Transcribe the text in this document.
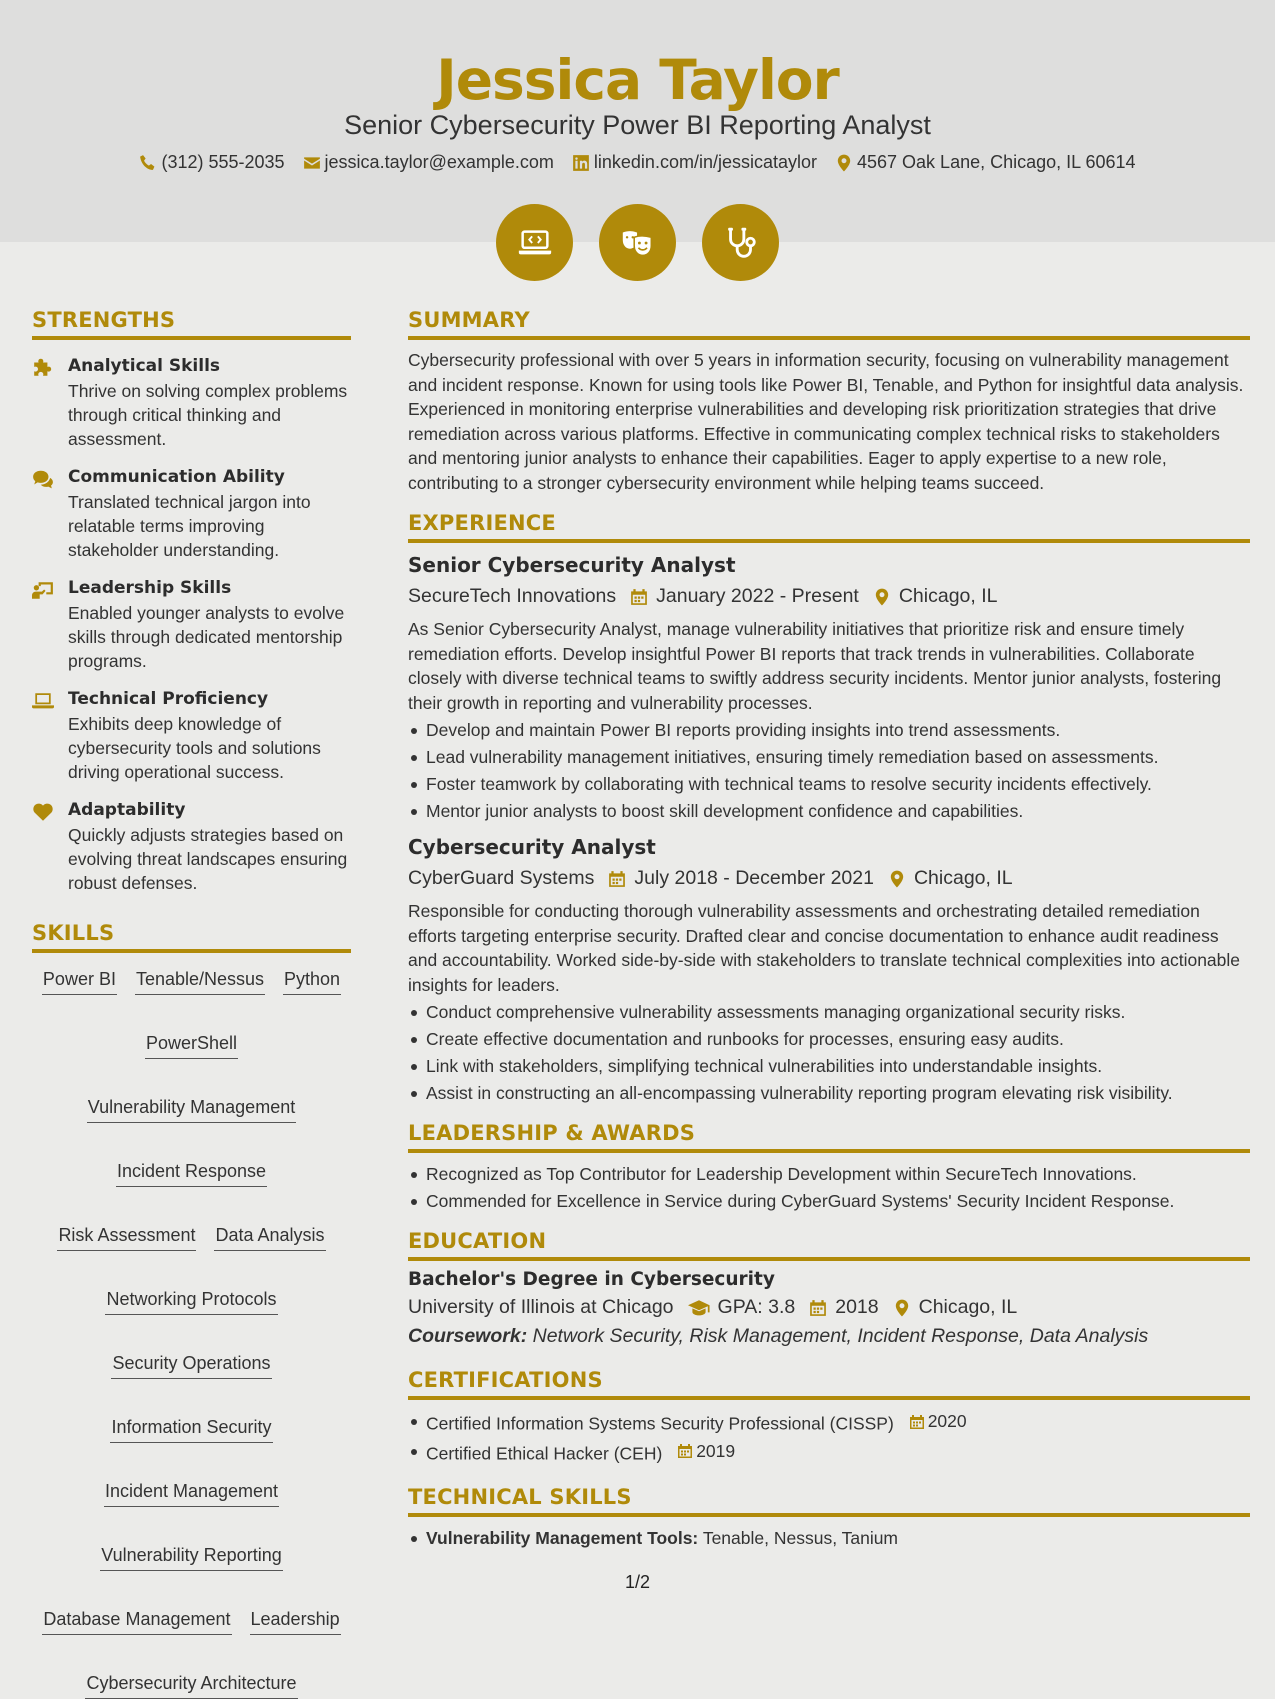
Jessica Taylor
Senior Cybersecurity Power BI Reporting Analyst
(312) 555-2035 jessica.taylor@example.com linkedin.com/in/jessicataylor 4567 Oak Lane, Chicago, IL 60614
STRENGTHS
Analytical Skills
Thrive on solving complex problems through critical thinking and assessment.
Communication Ability
Translated technical jargon into relatable terms improving stakeholder understanding.
Leadership Skills
Enabled younger analysts to evolve skills through dedicated mentorship programs.
Technical Proficiency
Exhibits deep knowledge of cybersecurity tools and solutions driving operational success.
Adaptability
Quickly adjusts strategies based on evolving threat landscapes ensuring robust defenses.
SKILLS
Power BI Tenable/Nessus Python
PowerShell
Vulnerability Management
Incident Response
Risk Assessment Data Analysis
Networking Protocols
Security Operations
Information Security
Incident Management
Vulnerability Reporting
Database Management Leadership
Cybersecurity Architecture
SUMMARY
Cybersecurity professional with over 5 years in information security, focusing on vulnerability management and incident response. Known for using tools like Power BI, Tenable, and Python for insightful data analysis. Experienced in monitoring enterprise vulnerabilities and developing risk prioritization strategies that drive remediation across various platforms. Effective in communicating complex technical risks to stakeholders and mentoring junior analysts to enhance their capabilities. Eager to apply expertise to a new role, contributing to a stronger cybersecurity environment while helping teams succeed.
EXPERIENCE
Senior Cybersecurity Analyst
SecureTech Innovations January 2022 - Present Chicago, IL
As Senior Cybersecurity Analyst, manage vulnerability initiatives that prioritize risk and ensure timely remediation efforts. Develop insightful Power BI reports that track trends in vulnerabilities. Collaborate closely with diverse technical teams to swiftly address security incidents. Mentor junior analysts, fostering their growth in reporting and vulnerability processes.
Develop and maintain Power BI reports providing insights into trend assessments.
Lead vulnerability management initiatives, ensuring timely remediation based on assessments.
Foster teamwork by collaborating with technical teams to resolve security incidents effectively.
Mentor junior analysts to boost skill development confidence and capabilities.
Cybersecurity Analyst
CyberGuard Systems July 2018 - December 2021 Chicago, IL
Responsible for conducting thorough vulnerability assessments and orchestrating detailed remediation efforts targeting enterprise security. Drafted clear and concise documentation to enhance audit readiness and accountability. Worked side-by-side with stakeholders to translate technical complexities into actionable insights for leaders.
Conduct comprehensive vulnerability assessments managing organizational security risks.
Create effective documentation and runbooks for processes, ensuring easy audits.
Link with stakeholders, simplifying technical vulnerabilities into understandable insights.
Assist in constructing an all-encompassing vulnerability reporting program elevating risk visibility.
LEADERSHIP & AWARDS
Recognized as Top Contributor for Leadership Development within SecureTech Innovations.
Commended for Excellence in Service during CyberGuard Systems' Security Incident Response.
EDUCATION
Bachelor's Degree in Cybersecurity
University of Illinois at Chicago GPA: 3.8 2018 Chicago, IL
Coursework: Network Security, Risk Management, Incident Response, Data Analysis
CERTIFICATIONS
Certified Information Systems Security Professional (CISSP) 2020
Certified Ethical Hacker (CEH) 2019
TECHNICAL SKILLS
Vulnerability Management Tools: Tenable, Nessus, Tanium
1/2
